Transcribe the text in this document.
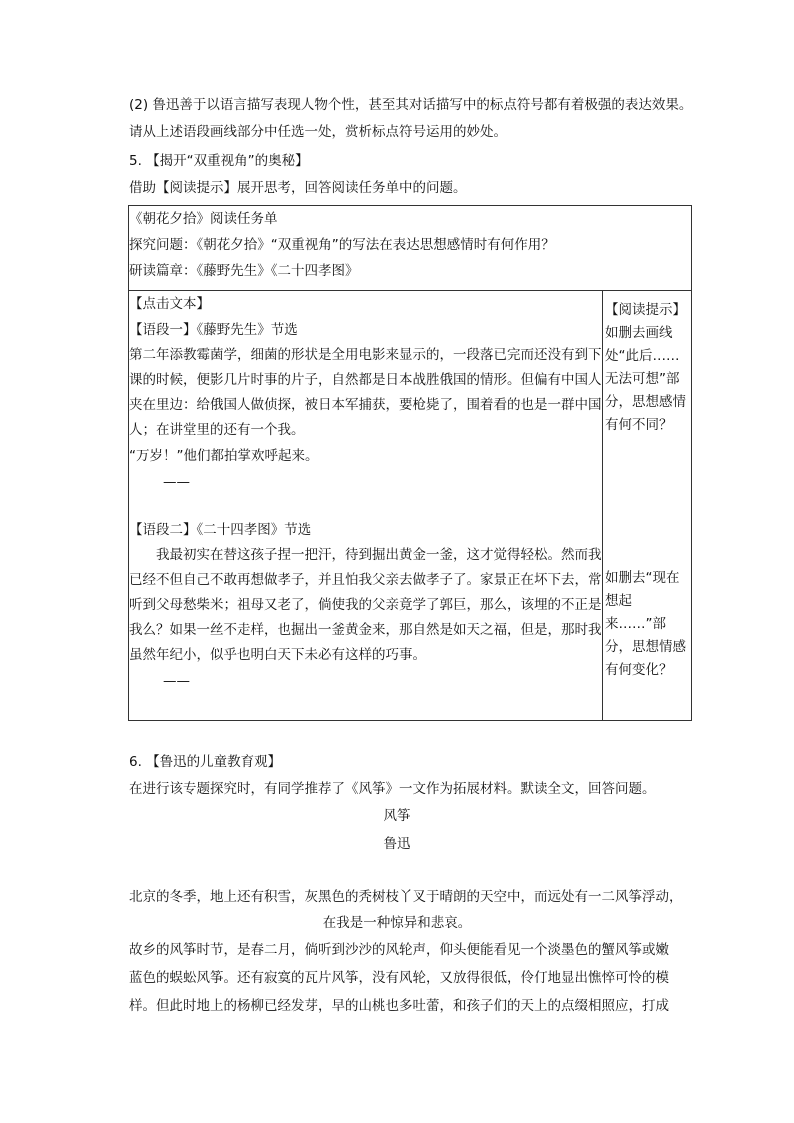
(2) 鲁迅善于以语言描写表现人物个性，甚至其对话描写中的标点符号都有着极强的表达效果。
请从上述语段画线部分中任选一处，赏析标点符号运用的妙处。
5. 【揭开“双重视角”的奥秘】
借助【阅读提示】展开思考，回答阅读任务单中的问题。
《朝花夕拾》阅读任务单
探究问题：《朝花夕拾》“双重视角”的写法在表达思想感情时有何作用？
研读篇章：《藤野先生》《二十四孝图》

【点击文本】
【语段一】《藤野先生》节选
第二年添教霉菌学，细菌的形状是全用电影来显示的，一段落已完而还没有到下课的时候，便影几片时事的片子，自然都是日本战胜俄国的情形。但偏有中国人夹在里边：给俄国人做侦探，被日本军捕获，要枪毙了，围着看的也是一群中国人；在讲堂里的还有一个我。
“万岁！”他们都拍掌欢呼起来。
——
【语段二】《二十四孝图》节选
我最初实在替这孩子捏一把汗，待到掘出黄金一釜，这才觉得轻松。然而我已经不但自己不敢再想做孝子，并且怕我父亲去做孝子了。家景正在坏下去，常听到父母愁柴米；祖母又老了，倘使我的父亲竟学了郭巨，那么，该埋的不正是我么？如果一丝不走样，也掘出一釜黄金来，那自然是如天之福，但是，那时我虽然年纪小，似乎也明白天下未必有这样的巧事。
——	
【阅读提示】
如删去画线处“此后……无法可想”部分，思想感情有何不同？
如删去“现在想起来……”部分，思想情感有何变化？
6. 【鲁迅的儿童教育观】
在进行该专题探究时，有同学推荐了《风筝》一文作为拓展材料。默读全文，回答问题。
风筝
鲁迅
北京的冬季，地上还有积雪，灰黑色的秃树枝丫叉于晴朗的天空中，而远处有一二风筝浮动，
在我是一种惊异和悲哀。
故乡的风筝时节，是春二月，倘听到沙沙的风轮声，仰头便能看见一个淡墨色的蟹风筝或嫩
蓝色的蜈蚣风筝。还有寂寞的瓦片风筝，没有风轮，又放得很低，伶仃地显出憔悴可怜的模
样。但此时地上的杨柳已经发芽，早的山桃也多吐蕾，和孩子们的天上的点缀相照应，打成
